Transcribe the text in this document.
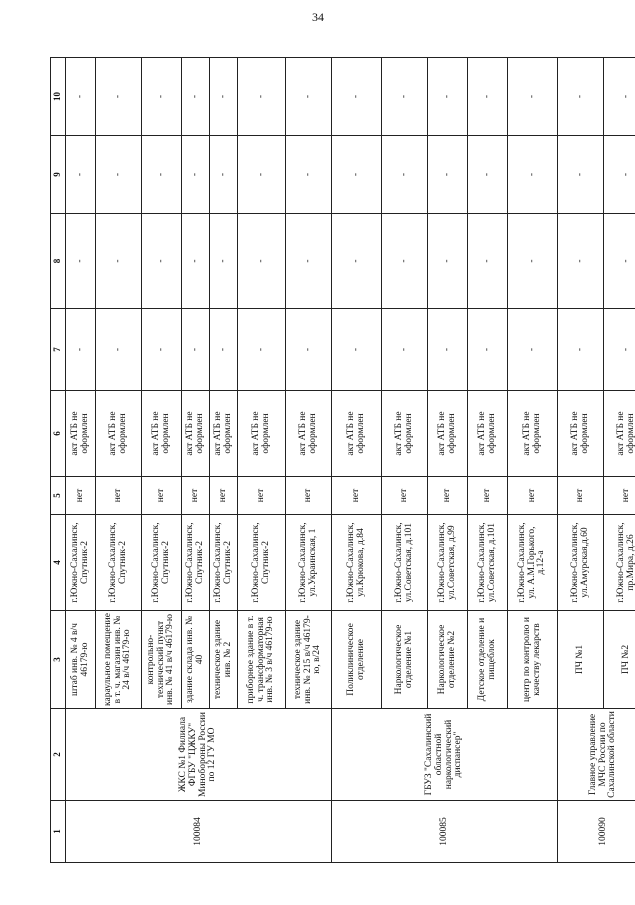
34
1	2	3	4	5	6	7	8	9	10
100084	ЖКС №1 Филиала ФГБУ "ЦЖКУ" Минобороны России по 12 ГУ МО	штаб инв. № 4 в/ч 46179-ю	г.Южно-Сахалинск, Спутник-2	нет	акт АТБ не оформлен	-	-	-	-
		караульное помещение в т. ч. магазин инв. № 24 в/ч 46179-ю	г.Южно-Сахалинск, Спутник-2	нет	акт АТБ не оформлен	-	-	-	-
		контрольно-технический пункт инв. № 41 в/ч 46179-ю	г.Южно-Сахалинск, Спутник-2	нет	акт АТБ не оформлен	-	-	-	-
		здание склада инв. № 40	г.Южно-Сахалинск, Спутник-2	нет	акт АТБ не оформлен	-	-	-	-
		техническое здание инв. № 2	г.Южно-Сахалинск, Спутник-2	нет	акт АТБ не оформлен	-	-	-	-
		приборное здание в т. ч. трансформаторная инв. № 3 в/ч 46179-ю	г.Южно-Сахалинск, Спутник-2	нет	акт АТБ не оформлен	-	-	-	-
		техническое здание инв. № 215 в/ч 46179-ю, в/24	г.Южно-Сахалинск, ул.Украинская, 1	нет	акт АТБ не оформлен	-	-	-	-
100085	ГБУЗ "Сахалинский областной наркологический диспансер"	Поликлиническое отделение	г.Южно-Сахалинск, ул.Крюкова, д.84	нет	акт АТБ не оформлен	-	-	-	-
		Наркологическое отделение №1	г.Южно-Сахалинск, ул.Советская, д.101	нет	акт АТБ не оформлен	-	-	-	-
		Наркологическое отделение №2	г.Южно-Сахалинск, ул.Советская, д.99	нет	акт АТБ не оформлен	-	-	-	-
		Детское отделение и пищеблок	г.Южно-Сахалинск, ул.Советская, д.101	нет	акт АТБ не оформлен	-	-	-	-
		центр по контролю и качеству лекарств	г.Южно-Сахалинск, ул. А.М.Горького, д.12-а	нет	акт АТБ не оформлен	-	-	-	-
100090	Главное управление МЧС России по Сахалинской области	ПЧ №1	г.Южно-Сахалинск, ул.Амурская,д.60	нет	акт АТБ не оформлен	-	-	-	-
		ПЧ №2	г.Южно-Сахалинск, пр.Мира, д.26	нет	акт АТБ не оформлен	-	-	-	-
